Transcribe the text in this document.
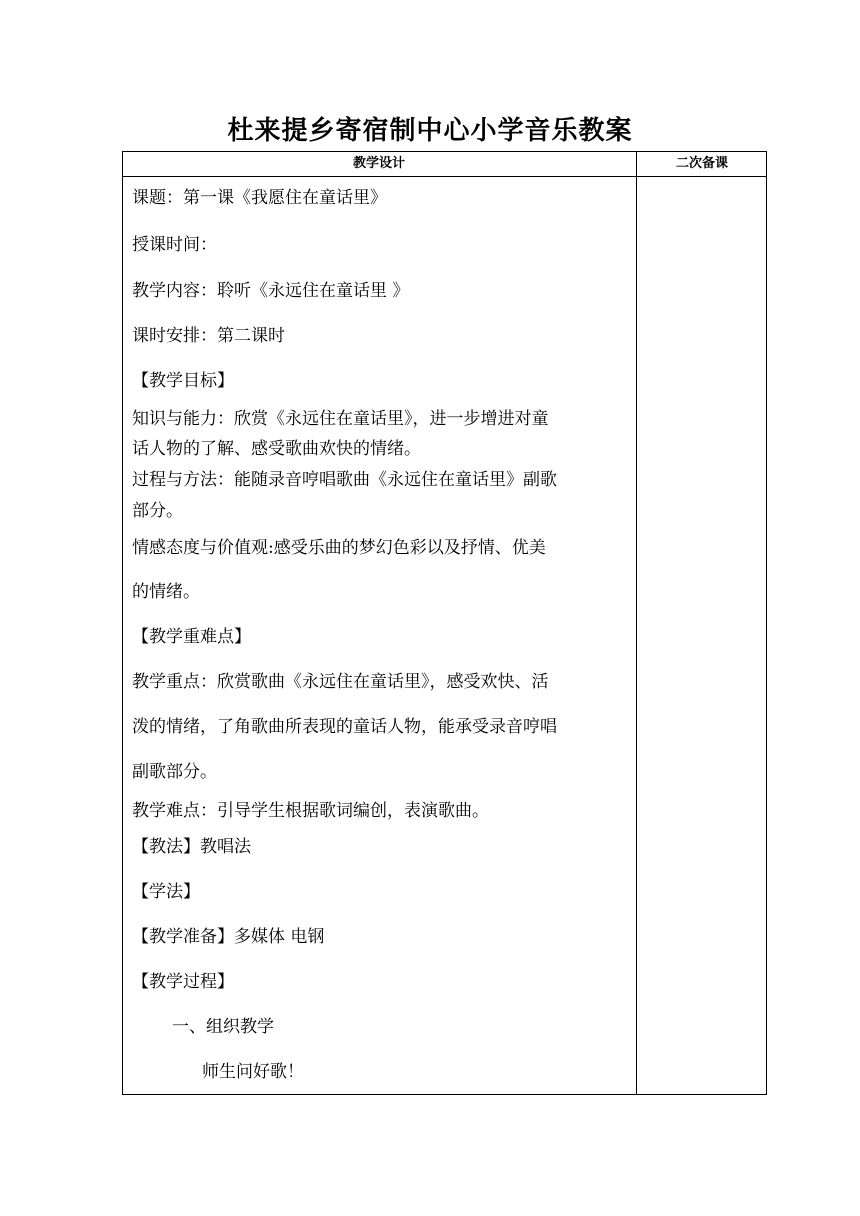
杜来提乡寄宿制中心小学音乐教案
教学设计	二次备课
课题：第一课《我愿住在童话里》
授课时间：
教学内容：聆听《永远住在童话里 》
课时安排：第二课时
【教学目标】
知识与能力：欣赏《永远住在童话里》，进一步增进对童
话人物的了解、感受歌曲欢快的情绪。
过程与方法：能随录音哼唱歌曲《永远住在童话里》副歌
部分。
情感态度与价值观:感受乐曲的梦幻色彩以及抒情、优美
的情绪。
【教学重难点】
教学重点：欣赏歌曲《永远住在童话里》，感受欢快、活
泼的情绪，了角歌曲所表现的童话人物，能承受录音哼唱
副歌部分。
教学难点：引导学生根据歌词编创，表演歌曲。
【教法】教唱法
【学法】
【教学准备】多媒体 电钢
【教学过程】
一、组织教学
师生问好歌！
